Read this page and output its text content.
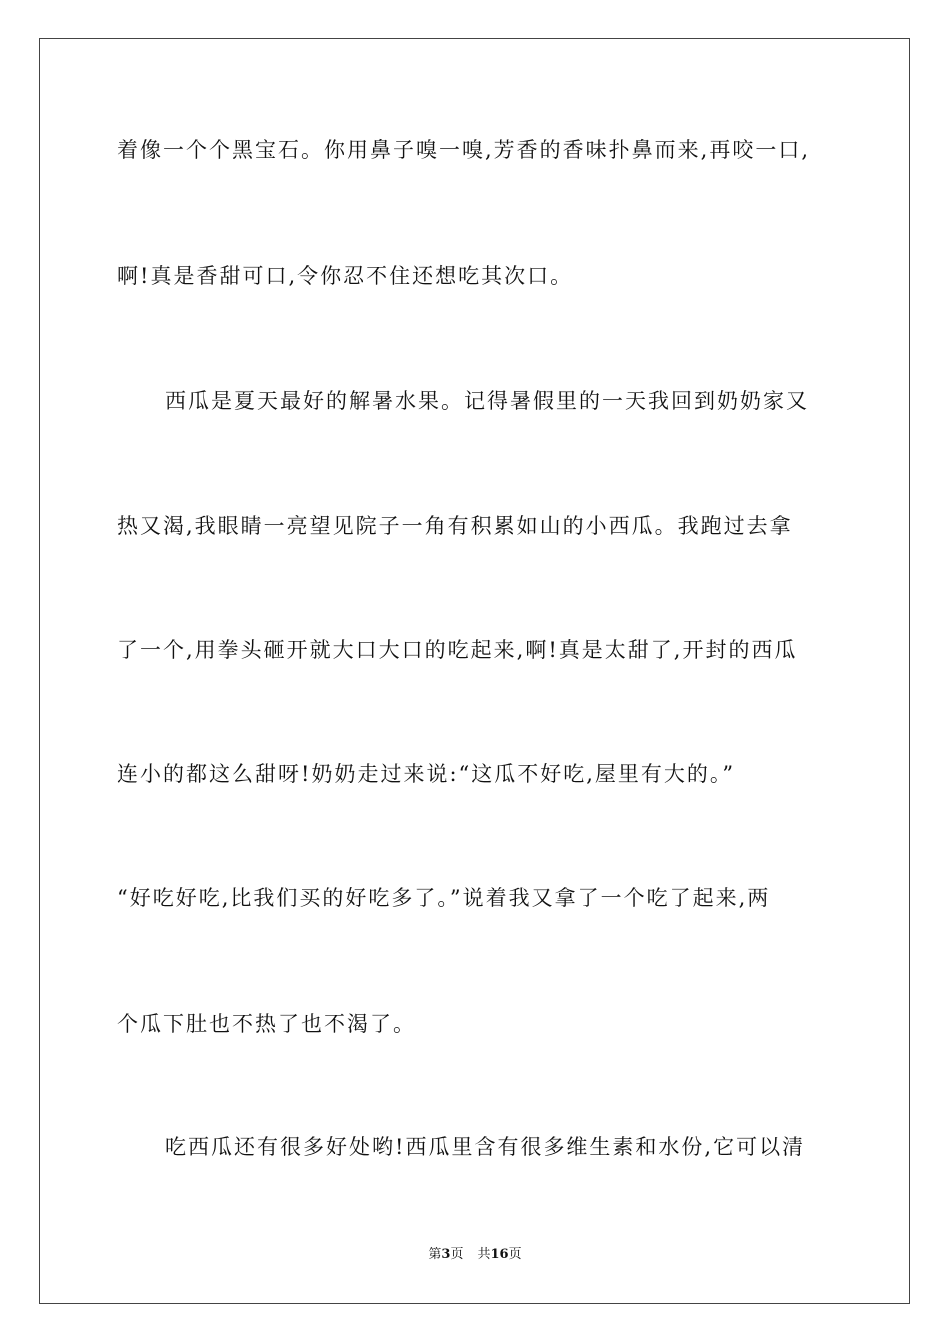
着像一个个黑宝石。你用鼻子嗅一嗅,芳香的香味扑鼻而来,再咬一口,
啊!真是香甜可口,令你忍不住还想吃其次口。
西瓜是夏天最好的解暑水果。记得暑假里的一天我回到奶奶家又
热又渴,我眼睛一亮望见院子一角有积累如山的小西瓜。我跑过去拿
了一个,用拳头砸开就大口大口的吃起来,啊!真是太甜了,开封的西瓜
连小的都这么甜呀!奶奶走过来说:“这瓜不好吃,屋里有大的。”
“好吃好吃,比我们买的好吃多了。”说着我又拿了一个吃了起来,两
个瓜下肚也不热了也不渴了。
吃西瓜还有很多好处哟!西瓜里含有很多维生素和水份,它可以清
第3页 共16页
